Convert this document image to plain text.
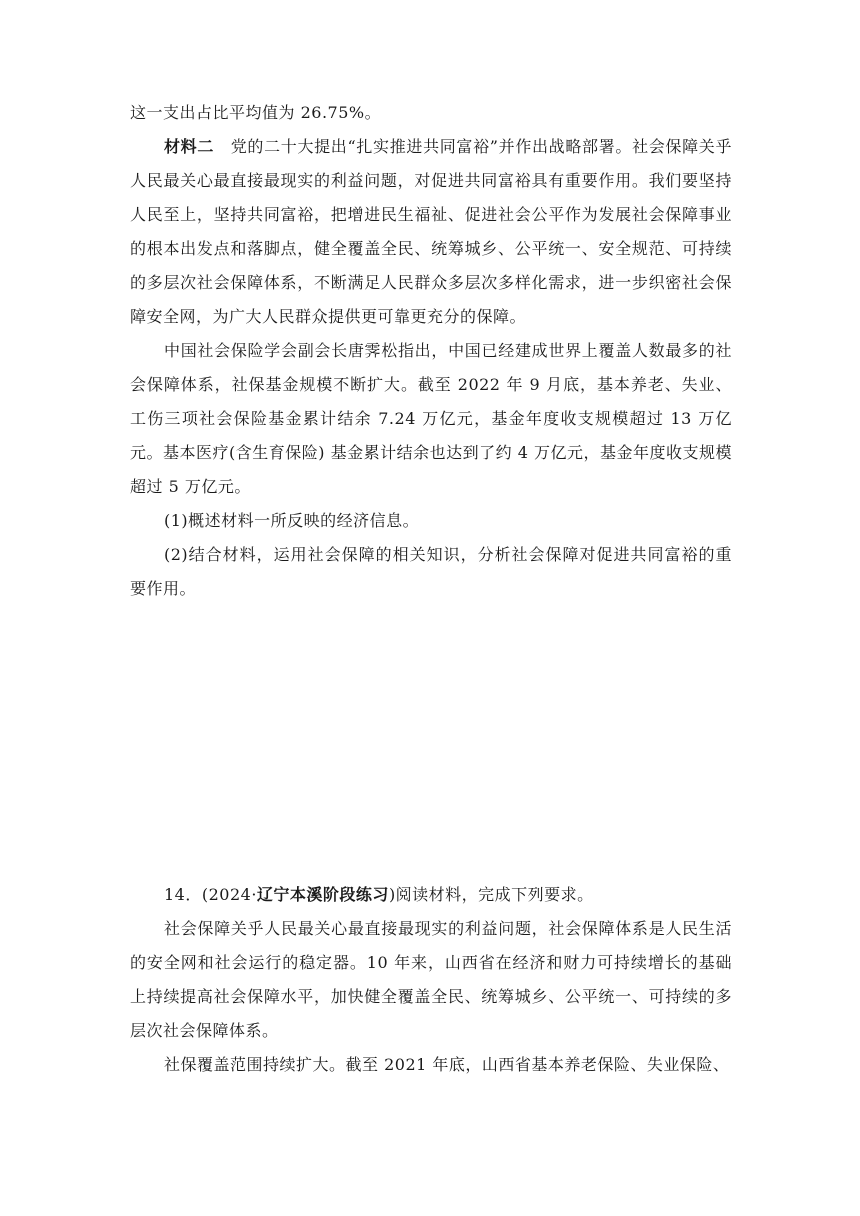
这一支出占比平均值为 26.75%。

材料二　 党的二十大提出“扎实推进共同富裕”并作出战略部署。社会保障关乎人民最关心最直接最现实的利益问题，对促进共同富裕具有重要作用。我们要坚持人民至上，坚持共同富裕，把增进民生福祉、促进社会公平作为发展社会保障事业的根本出发点和落脚点，健全覆盖全民、统筹城乡、公平统一、安全规范、可持续的多层次社会保障体系，不断满足人民群众多层次多样化需求，进一步织密社会保障安全网，为广大人民群众提供更可靠更充分的保障。

中国社会保险学会副会长唐霁松指出，中国已经建成世界上覆盖人数最多的社会保障体系，社保基金规模不断扩大。截至 2022 年 9 月底，基本养老、失业、工伤三项社会保险基金累计结余 7.24 万亿元，基金年度收支规模超过 13 万亿元。基本医疗(含生育保险) 基金累计结余也达到了约 4 万亿元，基金年度收支规模超过 5 万亿元。

(1)概述材料一所反映的经济信息。

(2)结合材料，运用社会保障的相关知识，分析社会保障对促进共同富裕的重要作用。

14．(2024·辽宁本溪阶段练习)阅读材料，完成下列要求。

社会保障关乎人民最关心最直接最现实的利益问题，社会保障体系是人民生活的安全网和社会运行的稳定器。10 年来，山西省在经济和财力可持续增长的基础上持续提高社会保障水平，加快健全覆盖全民、统筹城乡、公平统一、可持续的多层次社会保障体系。

社保覆盖范围持续扩大。截至 2021 年底，山西省基本养老保险、失业保险、
